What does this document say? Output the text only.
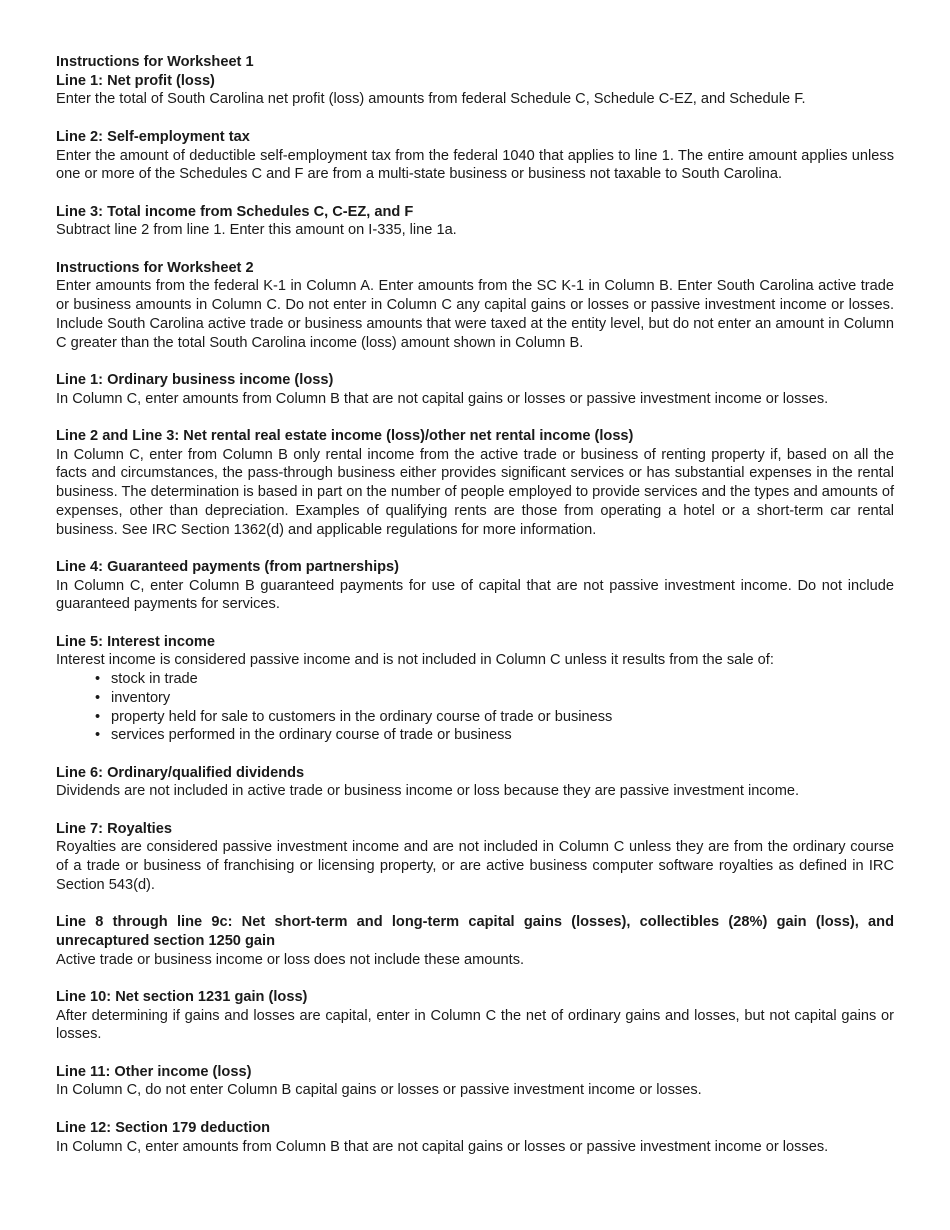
Instructions for Worksheet 1

Line 1: Net profit (loss)

Enter the total of South Carolina net profit (loss) amounts from federal Schedule C, Schedule C-EZ, and Schedule F.

Line 2: Self-employment tax

Enter the amount of deductible self-employment tax from the federal 1040 that applies to line 1. The entire amount applies unless one or more of the Schedules C and F are from a multi-state business or business not taxable to South Carolina.

Line 3: Total income from Schedules C, C-EZ, and F

Subtract line 2 from line 1. Enter this amount on I-335, line 1a.

Instructions for Worksheet 2

Enter amounts from the federal K-1 in Column A. Enter amounts from the SC K-1 in Column B. Enter South Carolina active trade or business amounts in Column C. Do not enter in Column C any capital gains or losses or passive investment income or losses. Include South Carolina active trade or business amounts that were taxed at the entity level, but do not enter an amount in Column C greater than the total South Carolina income (loss) amount shown in Column B.

Line 1: Ordinary business income (loss)

In Column C, enter amounts from Column B that are not capital gains or losses or passive investment income or losses.

Line 2 and Line 3: Net rental real estate income (loss)/other net rental income (loss)

In Column C, enter from Column B only rental income from the active trade or business of renting property if, based on all the facts and circumstances, the pass-through business either provides significant services or has substantial expenses in the rental business. The determination is based in part on the number of people employed to provide services and the types and amounts of expenses, other than depreciation. Examples of qualifying rents are those from operating a hotel or a short-term car rental business. See IRC Section 1362(d) and applicable regulations for more information.

Line 4: Guaranteed payments (from partnerships)

In Column C, enter Column B guaranteed payments for use of capital that are not passive investment income. Do not include guaranteed payments for services.

Line 5: Interest income

Interest income is considered passive income and is not included in Column C unless it results from the sale of:

• stock in trade
• inventory
• property held for sale to customers in the ordinary course of trade or business
• services performed in the ordinary course of trade or business

Line 6: Ordinary/qualified dividends

Dividends are not included in active trade or business income or loss because they are passive investment income.

Line 7: Royalties

Royalties are considered passive investment income and are not included in Column C unless they are from the ordinary course of a trade or business of franchising or licensing property, or are active business computer software royalties as defined in IRC Section 543(d).

Line 8 through line 9c: Net short-term and long-term capital gains (losses), collectibles (28%) gain (loss), and unrecaptured section 1250 gain

Active trade or business income or loss does not include these amounts.

Line 10: Net section 1231 gain (loss)

After determining if gains and losses are capital, enter in Column C the net of ordinary gains and losses, but not capital gains or losses.

Line 11: Other income (loss)

In Column C, do not enter Column B capital gains or losses or passive investment income or losses.

Line 12: Section 179 deduction

In Column C, enter amounts from Column B that are not capital gains or losses or passive investment income or losses.
